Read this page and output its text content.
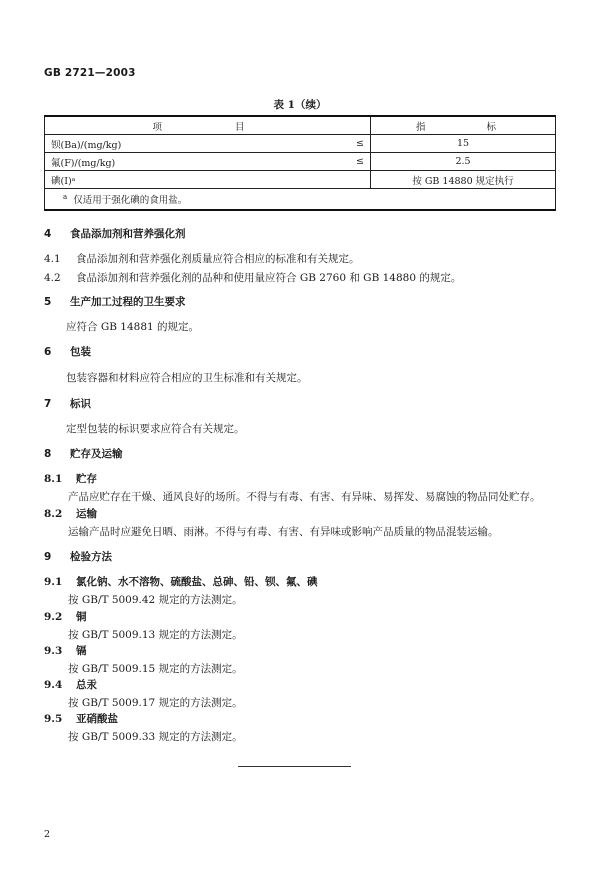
GB 2721—2003
表 1（续）
项　　目		指　　标
钡(Ba)/(mg/kg)	≤	15
氟(F)/(mg/kg)	≤	2.5
碘(I)ᵃ		按 GB 14880 规定执行
$^a$ 仅适用于强化碘的食用盐。		
4 食品添加剂和营养强化剂
4.1 食品添加剂和营养强化剂质量应符合相应的标准和有关规定。
4.2 食品添加剂和营养强化剂的品种和使用量应符合 GB 2760 和 GB 14880 的规定。
5 生产加工过程的卫生要求
应符合 GB 14881 的规定。
6 包装
包装容器和材料应符合相应的卫生标准和有关规定。
7 标识
定型包装的标识要求应符合有关规定。
8 贮存及运输
8.1 贮存
产品应贮存在干燥、通风良好的场所。不得与有毒、有害、有异味、易挥发、易腐蚀的物品同处贮存。
8.2 运输
运输产品时应避免日晒、雨淋。不得与有毒、有害、有异味或影响产品质量的物品混装运输。
9 检验方法
9.1 氯化钠、水不溶物、硫酸盐、总砷、铅、钡、氟、碘
按 GB/T 5009.42 规定的方法测定。
9.2 铜
按 GB/T 5009.13 规定的方法测定。
9.3 镉
按 GB/T 5009.15 规定的方法测定。
9.4 总汞
按 GB/T 5009.17 规定的方法测定。
9.5 亚硝酸盐
按 GB/T 5009.33 规定的方法测定。
2
